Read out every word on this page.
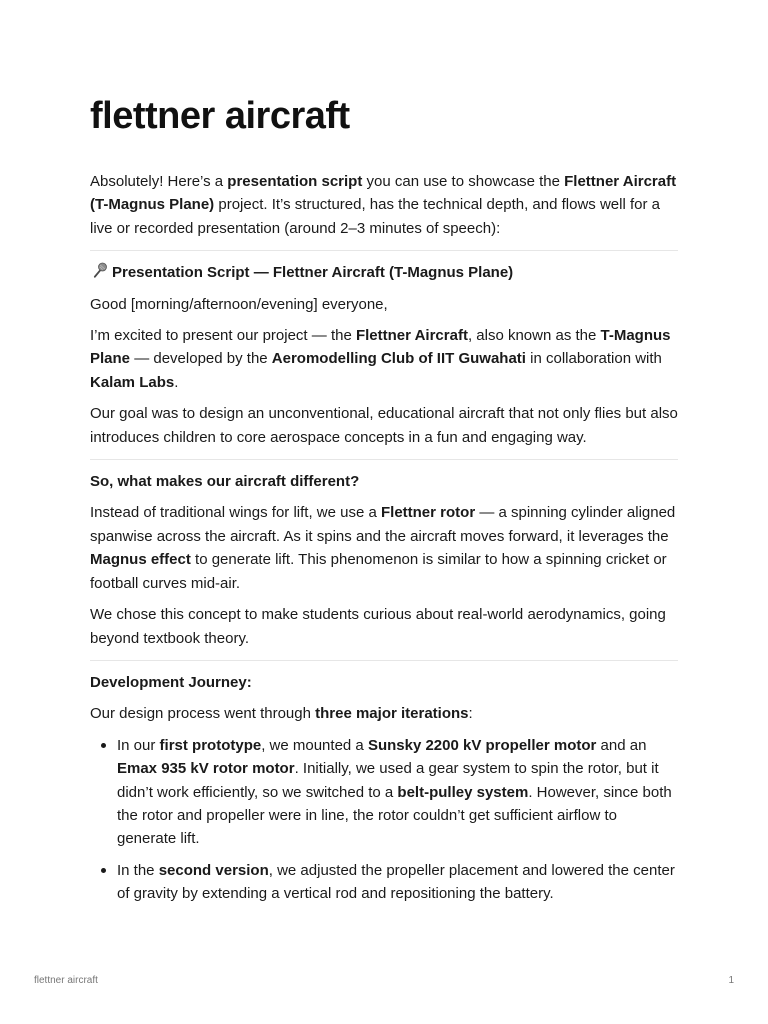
flettner aircraft

Absolutely! Here’s a presentation script you can use to showcase the Flettner Aircraft (T-Magnus Plane) project. It’s structured, has the technical depth, and flows well for a live or recorded presentation (around 2–3 minutes of speech):

Presentation Script — Flettner Aircraft (T-Magnus Plane)

Good [morning/afternoon/evening] everyone,

I’m excited to present our project — the Flettner Aircraft, also known as the T-Magnus Plane — developed by the Aeromodelling Club of IIT Guwahati in collaboration with Kalam Labs.

Our goal was to design an unconventional, educational aircraft that not only flies but also introduces children to core aerospace concepts in a fun and engaging way.

So, what makes our aircraft different?

Instead of traditional wings for lift, we use a Flettner rotor — a spinning cylinder aligned spanwise across the aircraft. As it spins and the aircraft moves forward, it leverages the Magnus effect to generate lift. This phenomenon is similar to how a spinning cricket or football curves mid-air.

We chose this concept to make students curious about real-world aerodynamics, going beyond textbook theory.

Development Journey:

Our design process went through three major iterations:

In our first prototype, we mounted a Sunsky 2200 kV propeller motor and an Emax 935 kV rotor motor. Initially, we used a gear system to spin the rotor, but it didn’t work efficiently, so we switched to a belt-pulley system. However, since both the rotor and propeller were in line, the rotor couldn’t get sufficient airflow to generate lift.
In the second version, we adjusted the propeller placement and lowered the center of gravity by extending a vertical rod and repositioning the battery.
flettner aircraft	1
